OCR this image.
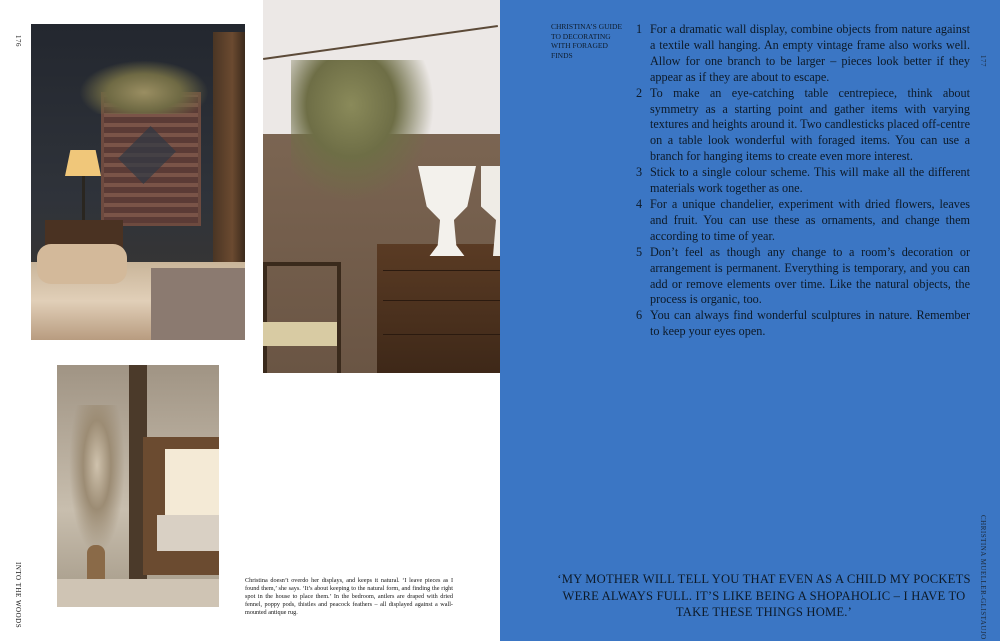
176
INTO THE WOODS	Christina doesn’t overdo her displays, and keeps it natural. ‘I leave pieces as I found them,’ she says. ‘It’s about keeping to the natural form, and finding the right spot in the house to place them.’ In the bedroom, antlers are draped with dried fennel, poppy pods, thistles and peacock feathers – all displayed against a wall-mounted antique rug.

177
CHRISTINA MUELLER-GLISTAUJO

CHRISTINA’S GUIDE TO DECORATING WITH FORAGED FINDS

1 For a dramatic wall display, combine objects from nature against a textile wall hanging. An empty vintage frame also works well. Allow for one branch to be larger – pieces look better if they appear as if they are about to escape.
2 To make an eye-catching table centrepiece, think about symmetry as a starting point and gather items with varying textures and heights around it. Two candlesticks placed off-centre on a table look wonderful with foraged items. You can use a branch for hanging items to create even more interest.
3 Stick to a single colour scheme. This will make all the different materials work together as one.
4 For a unique chandelier, experiment with dried flowers, leaves and fruit. You can use these as ornaments, and change them according to time of year.
5 Don’t feel as though any change to a room’s decoration or arrangement is permanent. Everything is temporary, and you can add or remove elements over time. Like the natural objects, the process is organic, too.
6 You can always find wonderful sculptures in nature. Remember to keep your eyes open.

‘MY MOTHER WILL TELL YOU THAT EVEN AS A CHILD MY POCKETS WERE ALWAYS FULL. IT’S LIKE BEING A SHOPAHOLIC – I HAVE TO TAKE THESE THINGS HOME.’
